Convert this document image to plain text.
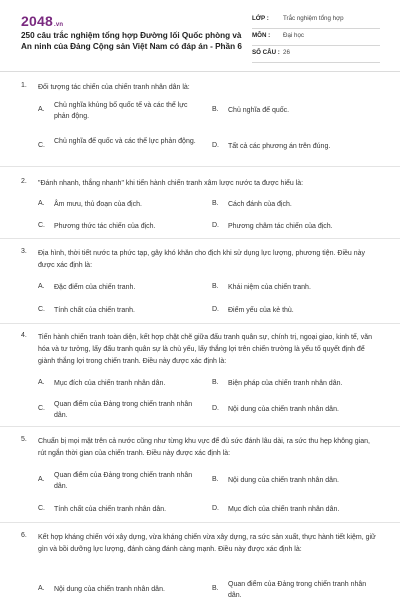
2048.vn
250 câu trắc nghiệm tổng hợp Đường lối Quốc phòng và An ninh của Đảng Cộng sản Việt Nam có đáp án - Phần 6
LỚP : Trắc nghiệm tổng hợp
MÔN : Đại học
SỐ CÂU : 26
1. Đối tượng tác chiến của chiến tranh nhân dân là:
A.
Chủ nghĩa khủng bố quốc tế và các thế lực phản động.
B. Chủ nghĩa đế quốc.
C.
Chủ nghĩa đế quốc và các thế lực phản động.
D. Tất cả các phương án trên đúng.
2. "Đánh nhanh, thắng nhanh" khi tiến hành chiến tranh xâm lược nước ta được hiểu là:
A. Âm mưu, thủ đoạn của địch.	B. Cách đánh của địch.
C. Phương thức tác chiến của địch.	D. Phương châm tác chiến của địch.
3. Địa hình, thời tiết nước ta phức tạp, gây khó khăn cho địch khi sử dụng lực lượng, phương tiện. Điều này được xác định là:
A. Đặc điểm của chiến tranh.	B. Khái niệm của chiến tranh.
C. Tính chất của chiến tranh.	D. Điểm yếu của kẻ thù.
4. Tiến hành chiến tranh toàn diện, kết hợp chặt chẽ giữa đấu tranh quân sự, chính trị, ngoại giao, kinh tế, văn hóa và tư tưởng, lấy đấu tranh quân sự là chủ yếu, lấy thắng lợi trên chiến trường là yếu tố quyết định để giành thắng lợi trong chiến tranh. Điều này được xác định là:
A. Mục đích của chiến tranh nhân dân.	B. Biện pháp của chiến tranh nhân dân.
C.
Quan điểm của Đảng trong chiến tranh nhân dân.
D. Nội dung của chiến tranh nhân dân.
5. Chuẩn bị mọi mặt trên cả nước cũng như từng khu vực để đủ sức đánh lâu dài, ra sức thu hẹp không gian, rút ngắn thời gian của chiến tranh. Điều này được xác định là:
A.
Quan điểm của Đảng trong chiến tranh nhân dân.
B. Nội dung của chiến tranh nhân dân.
C. Tính chất của chiến tranh nhân dân.	D. Mục đích của chiến tranh nhân dân.
6. Kết hợp kháng chiến với xây dựng, vừa kháng chiến vừa xây dựng, ra sức sản xuất, thực hành tiết kiệm, giữ gìn và bồi dưỡng lực lượng, đánh càng đánh càng mạnh. Điều này được xác định là:
A. Nội dung của chiến tranh nhân dân.	B.
Quan điểm của Đảng trong chiến tranh nhân dân.
